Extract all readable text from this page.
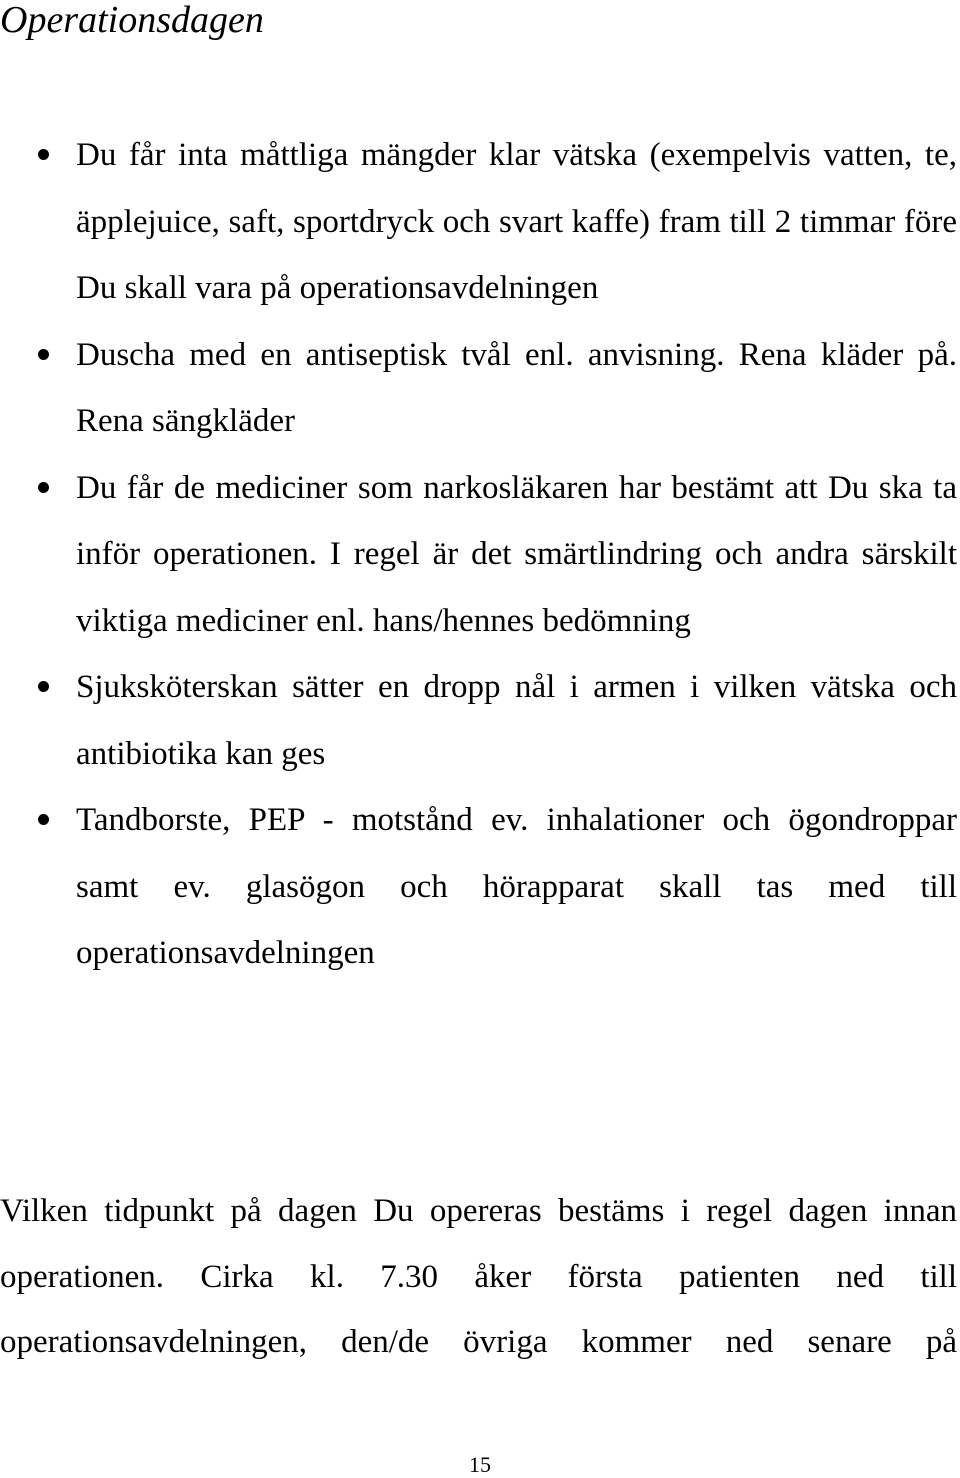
Operationsdagen
Du får inta måttliga mängder klar vätska (exempelvis vatten, te, äpplejuice, saft, sportdryck och svart kaffe) fram till 2 timmar före Du skall vara på operationsavdelningen
Duscha med en antiseptisk tvål enl. anvisning. Rena kläder på. Rena sängkläder
Du får de mediciner som narkosläkaren har bestämt att Du ska ta inför operationen. I regel är det smärtlindring och andra särskilt viktiga mediciner enl. hans/hennes bedömning
Sjuksköterskan sätter en dropp nål i armen i vilken vätska och antibiotika kan ges
Tandborste, PEP - motstånd ev. inhalationer och ögondroppar samt ev. glasögon och hörapparat skall tas med till operationsavdelningen

Vilken tidpunkt på dagen Du opereras bestäms i regel dagen innan operationen. Cirka kl. 7.30 åker första patienten ned till operationsavdelningen, den/de övriga kommer ned senare på

15
